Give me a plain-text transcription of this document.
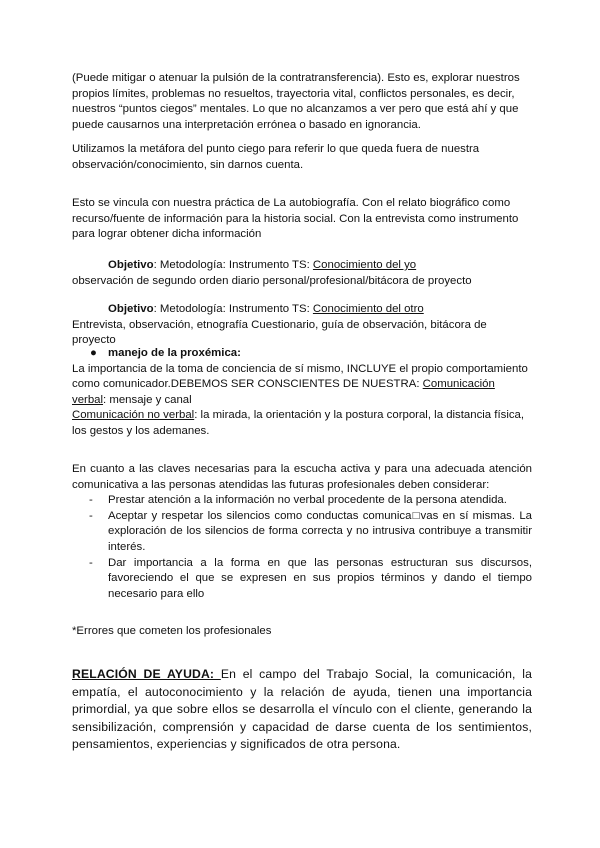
(Puede mitigar o atenuar la pulsión de la contratransferencia). Esto es, explorar nuestros propios límites, problemas no resueltos, trayectoria vital, conflictos personales, es decir, nuestros “puntos ciegos” mentales. Lo que no alcanzamos a ver pero que está ahí y que puede causarnos una interpretación errónea o basado en ignorancia.

Utilizamos la metáfora del punto ciego para referir lo que queda fuera de nuestra observación/conocimiento, sin darnos cuenta.

Esto se vincula con nuestra práctica de La autobiografía. Con el relato biográfico como recurso/fuente de información para la historia social. Con la entrevista como instrumento para lograr obtener dicha información

Objetivo: Metodología: Instrumento TS: Conocimiento del yo

observación de segundo orden diario personal/profesional/bitácora de proyecto

Objetivo: Metodología: Instrumento TS: Conocimiento del otro

Entrevista, observación, etnografía Cuestionario, guía de observación, bitácora de proyecto

● manejo de la proxémica:

La importancia de la toma de conciencia de sí mismo, INCLUYE el propio comportamiento como comunicador.DEBEMOS SER CONSCIENTES DE NUESTRA: Comunicación verbal: mensaje y canal

Comunicación no verbal: la mirada, la orientación y la postura corporal, la distancia física, los gestos y los ademanes.

En cuanto a las claves necesarias para la escucha activa y para una adecuada atención comunicativa a las personas atendidas las futuras profesionales deben considerar:

- Prestar atención a la información no verbal procedente de la persona atendida.
- Aceptar y respetar los silencios como conductas comunica□vas en sí mismas. La exploración de los silencios de forma correcta y no intrusiva contribuye a transmitir interés.
- Dar importancia a la forma en que las personas estructuran sus discursos, favoreciendo el que se expresen en sus propios términos y dando el tiempo necesario para ello

*Errores que cometen los profesionales

RELACIÓN DE AYUDA: En el campo del Trabajo Social, la comunicación, la empatía, el autoconocimiento y la relación de ayuda, tienen una importancia primordial, ya que sobre ellos se desarrolla el vínculo con el cliente, generando la sensibilización, comprensión y capacidad de darse cuenta de los sentimientos, pensamientos, experiencias y significados de otra persona.
